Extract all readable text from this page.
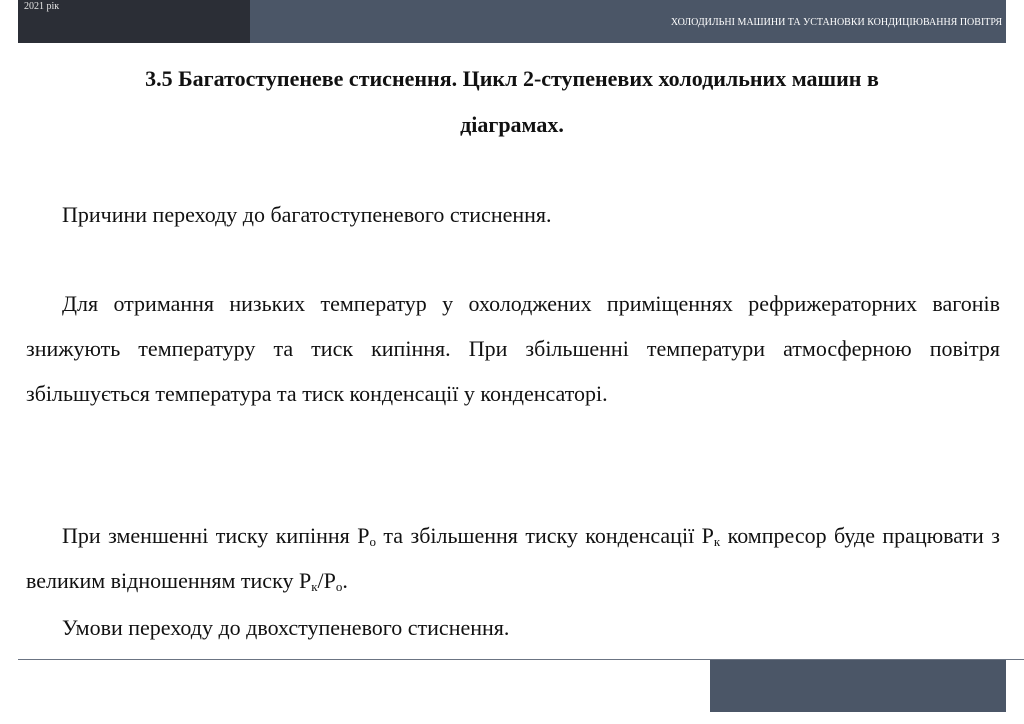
2021 рік
ХОЛОДИЛЬНІ МАШИНИ ТА УСТАНОВКИ КОНДИЦІЮВАННЯ ПОВІТРЯ
3.5 Багатоступеневе стиснення. Цикл 2-ступеневих холодильних машин в
діаграмах.

Причини переходу до багатоступеневого стиснення.

Для отримання низьких температур у охолоджених приміщеннях рефрижераторних вагонів знижують температуру та тиск кипіння. При збільшенні температури атмосферною повітря збільшується температура та тиск конденсації у конденсаторі.

При зменшенні тиску кипіння $Р_о$ та збільшення тиску конденсації $Р_к$ компресор буде працювати з великим відношенням тиску $Р_к/Р_о$.

Умови переходу до двохступеневого стиснення.
